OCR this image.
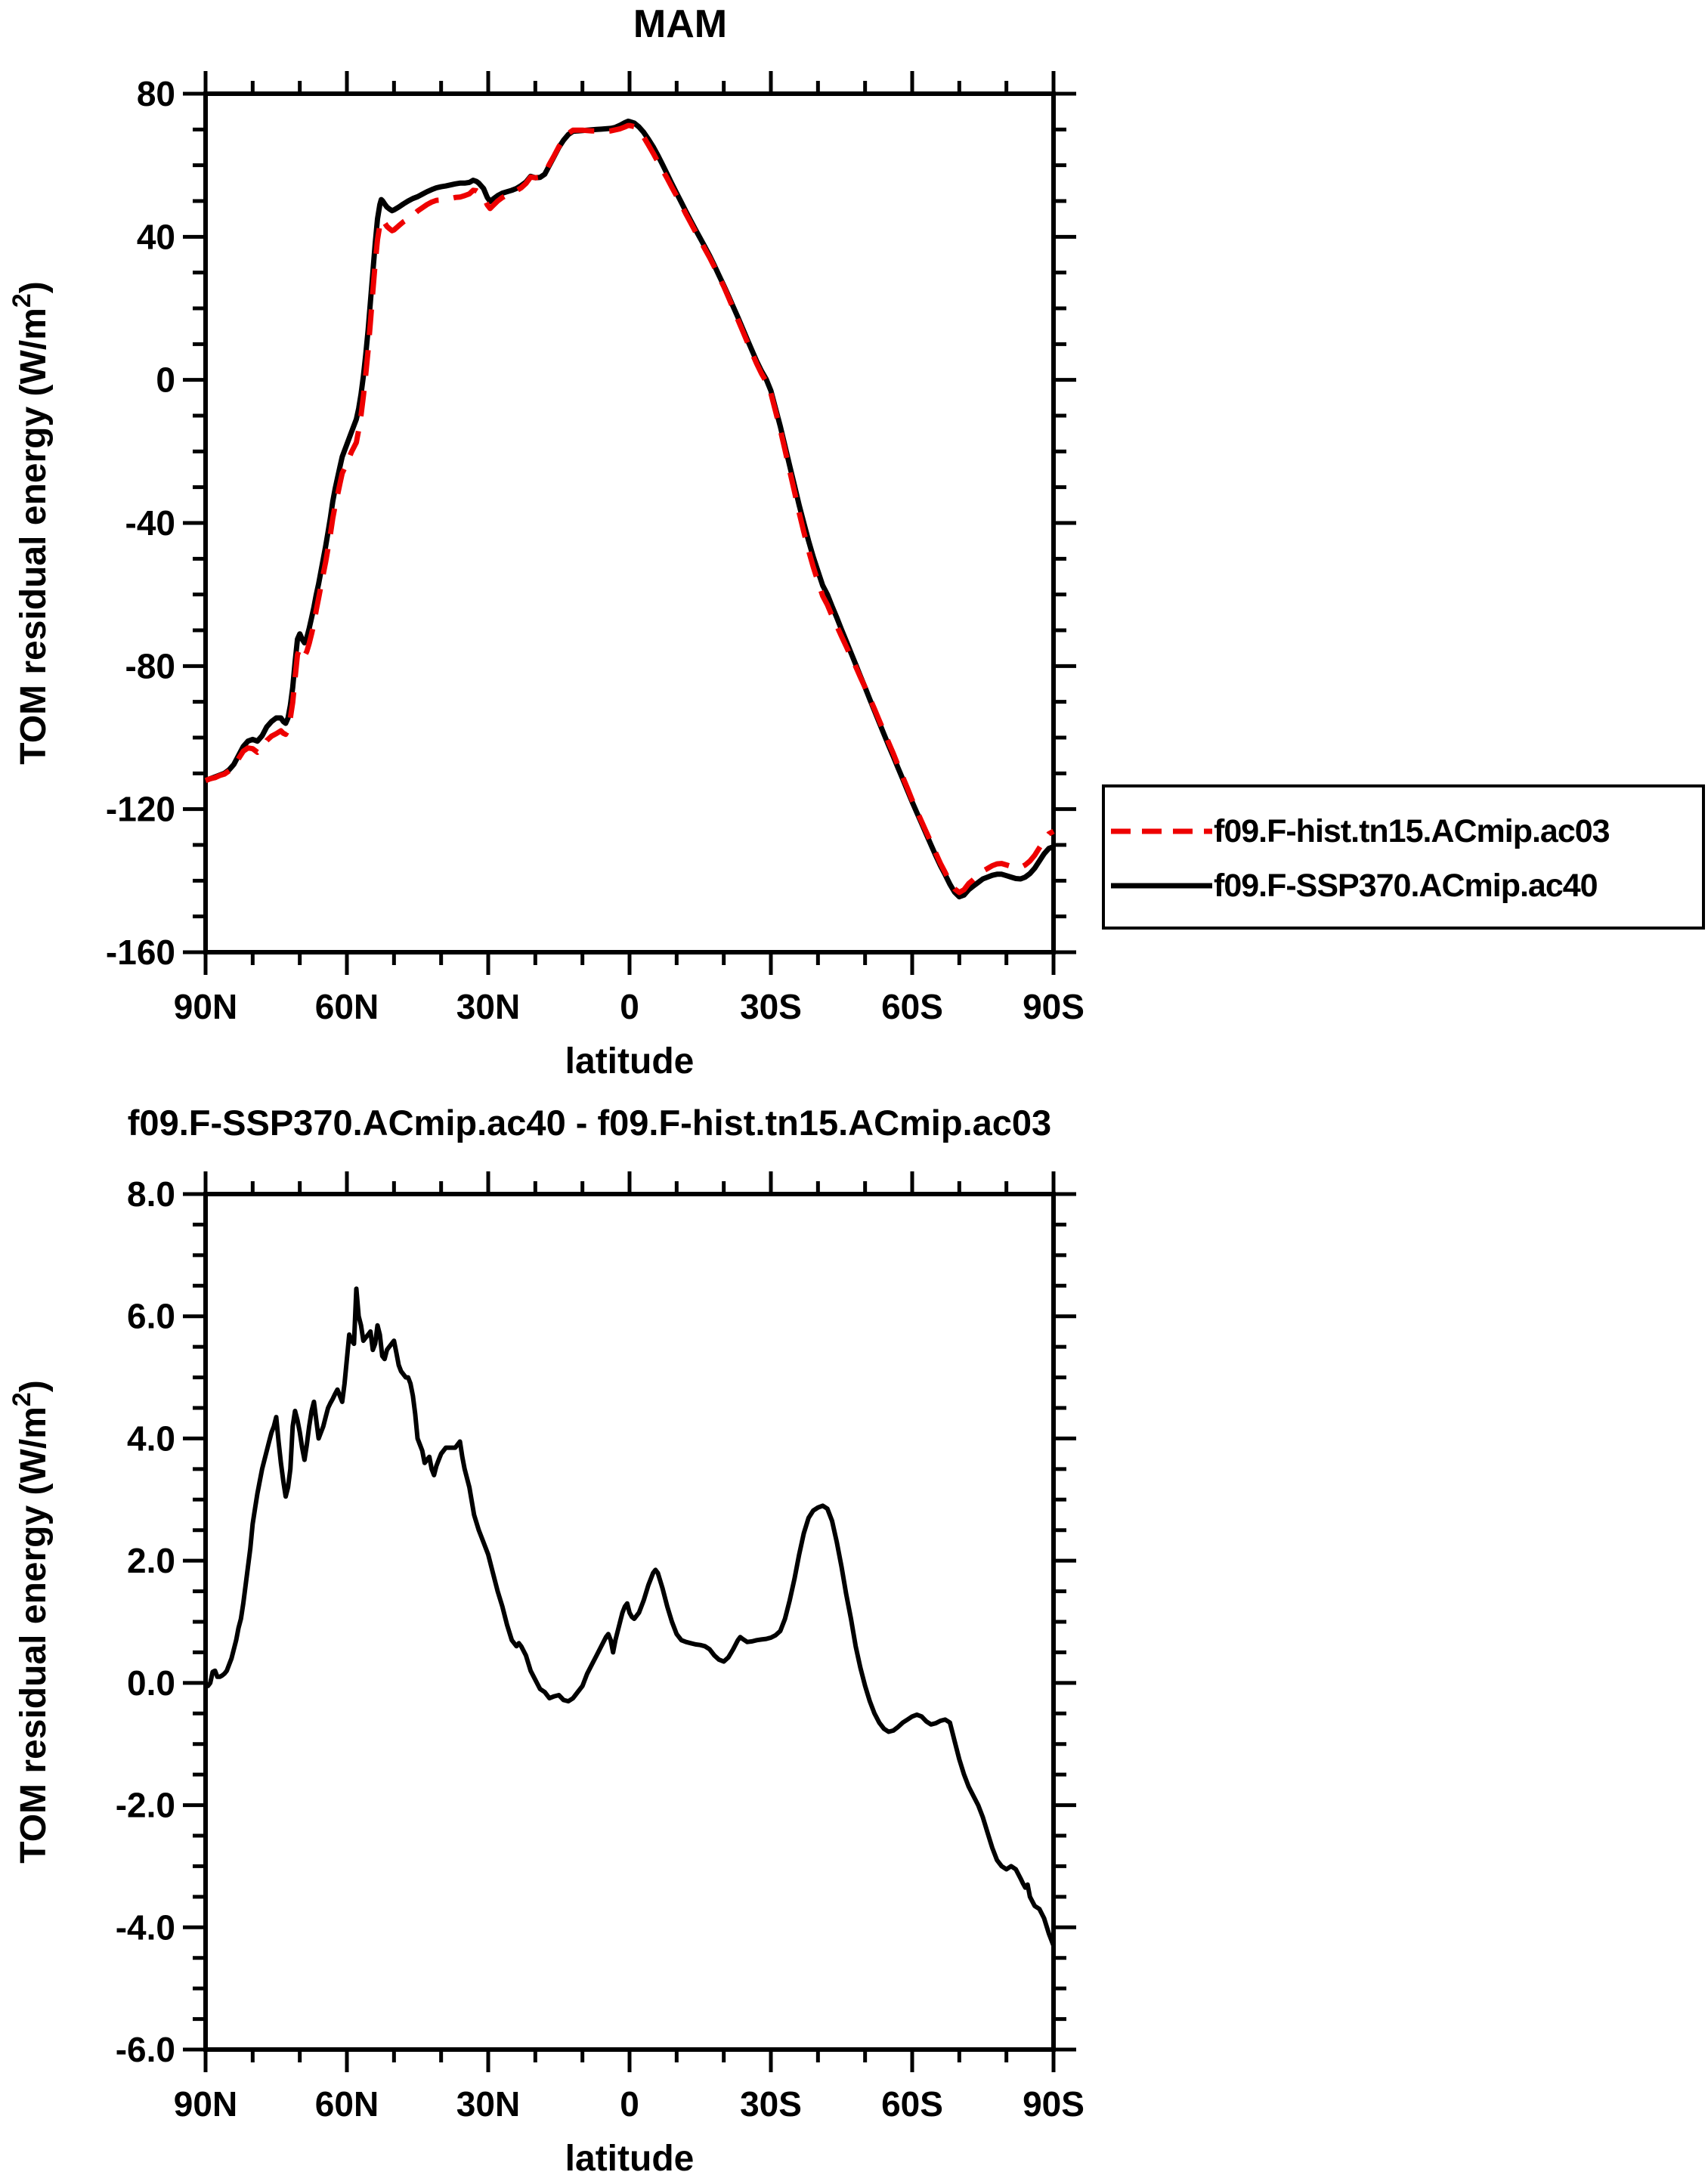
MAM
90N 60N 30N	0	30S 60S 90S
80
40
0
-40
-80
-120
-160
latitude
TOM residual energy $(W/m^2)$
90N 60N 30N	0	30S 60S 90S
8.0
6.0
4.0
2.0
0.0
-2.0
-4.0
-6.0
latitude
TOM residual energy $(W/m^2)$
f09.F-SSP370.ACmip.ac40 - f09.F-hist.tn15.ACmip.ac03
f09.F-hist.tn15.ACmip.ac03
f09.F-SSP370.ACmip.ac40
